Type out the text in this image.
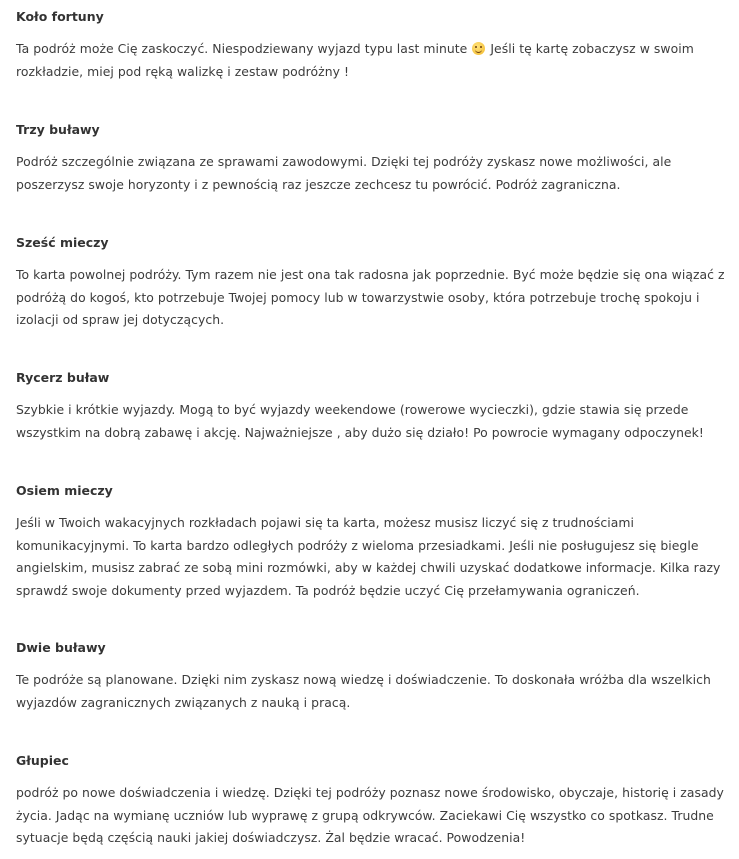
Koło fortuny

Ta podróż może Cię zaskoczyć. Niespodziewany wyjazd typu last minute  Jeśli tę kartę zobaczysz w swoim rozkładzie, miej pod ręką walizkę i zestaw podróżny !

Trzy buławy

Podróż szczególnie związana ze sprawami zawodowymi. Dzięki tej podróży zyskasz nowe możliwości, ale poszerzysz swoje horyzonty i z pewnością raz jeszcze zechcesz tu powrócić. Podróż zagraniczna.

Sześć mieczy

To karta powolnej podróży. Tym razem nie jest ona tak radosna jak poprzednie. Być może będzie się ona wiązać z podróżą do kogoś, kto potrzebuje Twojej pomocy lub w towarzystwie osoby, która potrzebuje trochę spokoju i izolacji od spraw jej dotyczących.

Rycerz buław

Szybkie i krótkie wyjazdy. Mogą to być wyjazdy weekendowe (rowerowe wycieczki), gdzie stawia się przede wszystkim na dobrą zabawę i akcję. Najważniejsze , aby dużo się działo! Po powrocie wymagany odpoczynek!

Osiem mieczy

Jeśli w Twoich wakacyjnych rozkładach pojawi się ta karta, możesz musisz liczyć się z trudnościami komunikacyjnymi. To karta bardzo odległych podróży z wieloma przesiadkami. Jeśli nie posługujesz się biegle angielskim, musisz zabrać ze sobą mini rozmówki, aby w każdej chwili uzyskać dodatkowe informacje. Kilka razy sprawdź swoje dokumenty przed wyjazdem. Ta podróż będzie uczyć Cię przełamywania ograniczeń.

Dwie buławy

Te podróże są planowane. Dzięki nim zyskasz nową wiedzę i doświadczenie. To doskonała wróżba dla wszelkich wyjazdów zagranicznych związanych z nauką i pracą.

Głupiec

podróż po nowe doświadczenia i wiedzę. Dzięki tej podróży poznasz nowe środowisko, obyczaje, historię i zasady życia. Jadąc na wymianę uczniów lub wyprawę z grupą odkrywców. Zaciekawi Cię wszystko co spotkasz. Trudne sytuacje będą częścią nauki jakiej doświadczysz. Żal będzie wracać. Powodzenia!
